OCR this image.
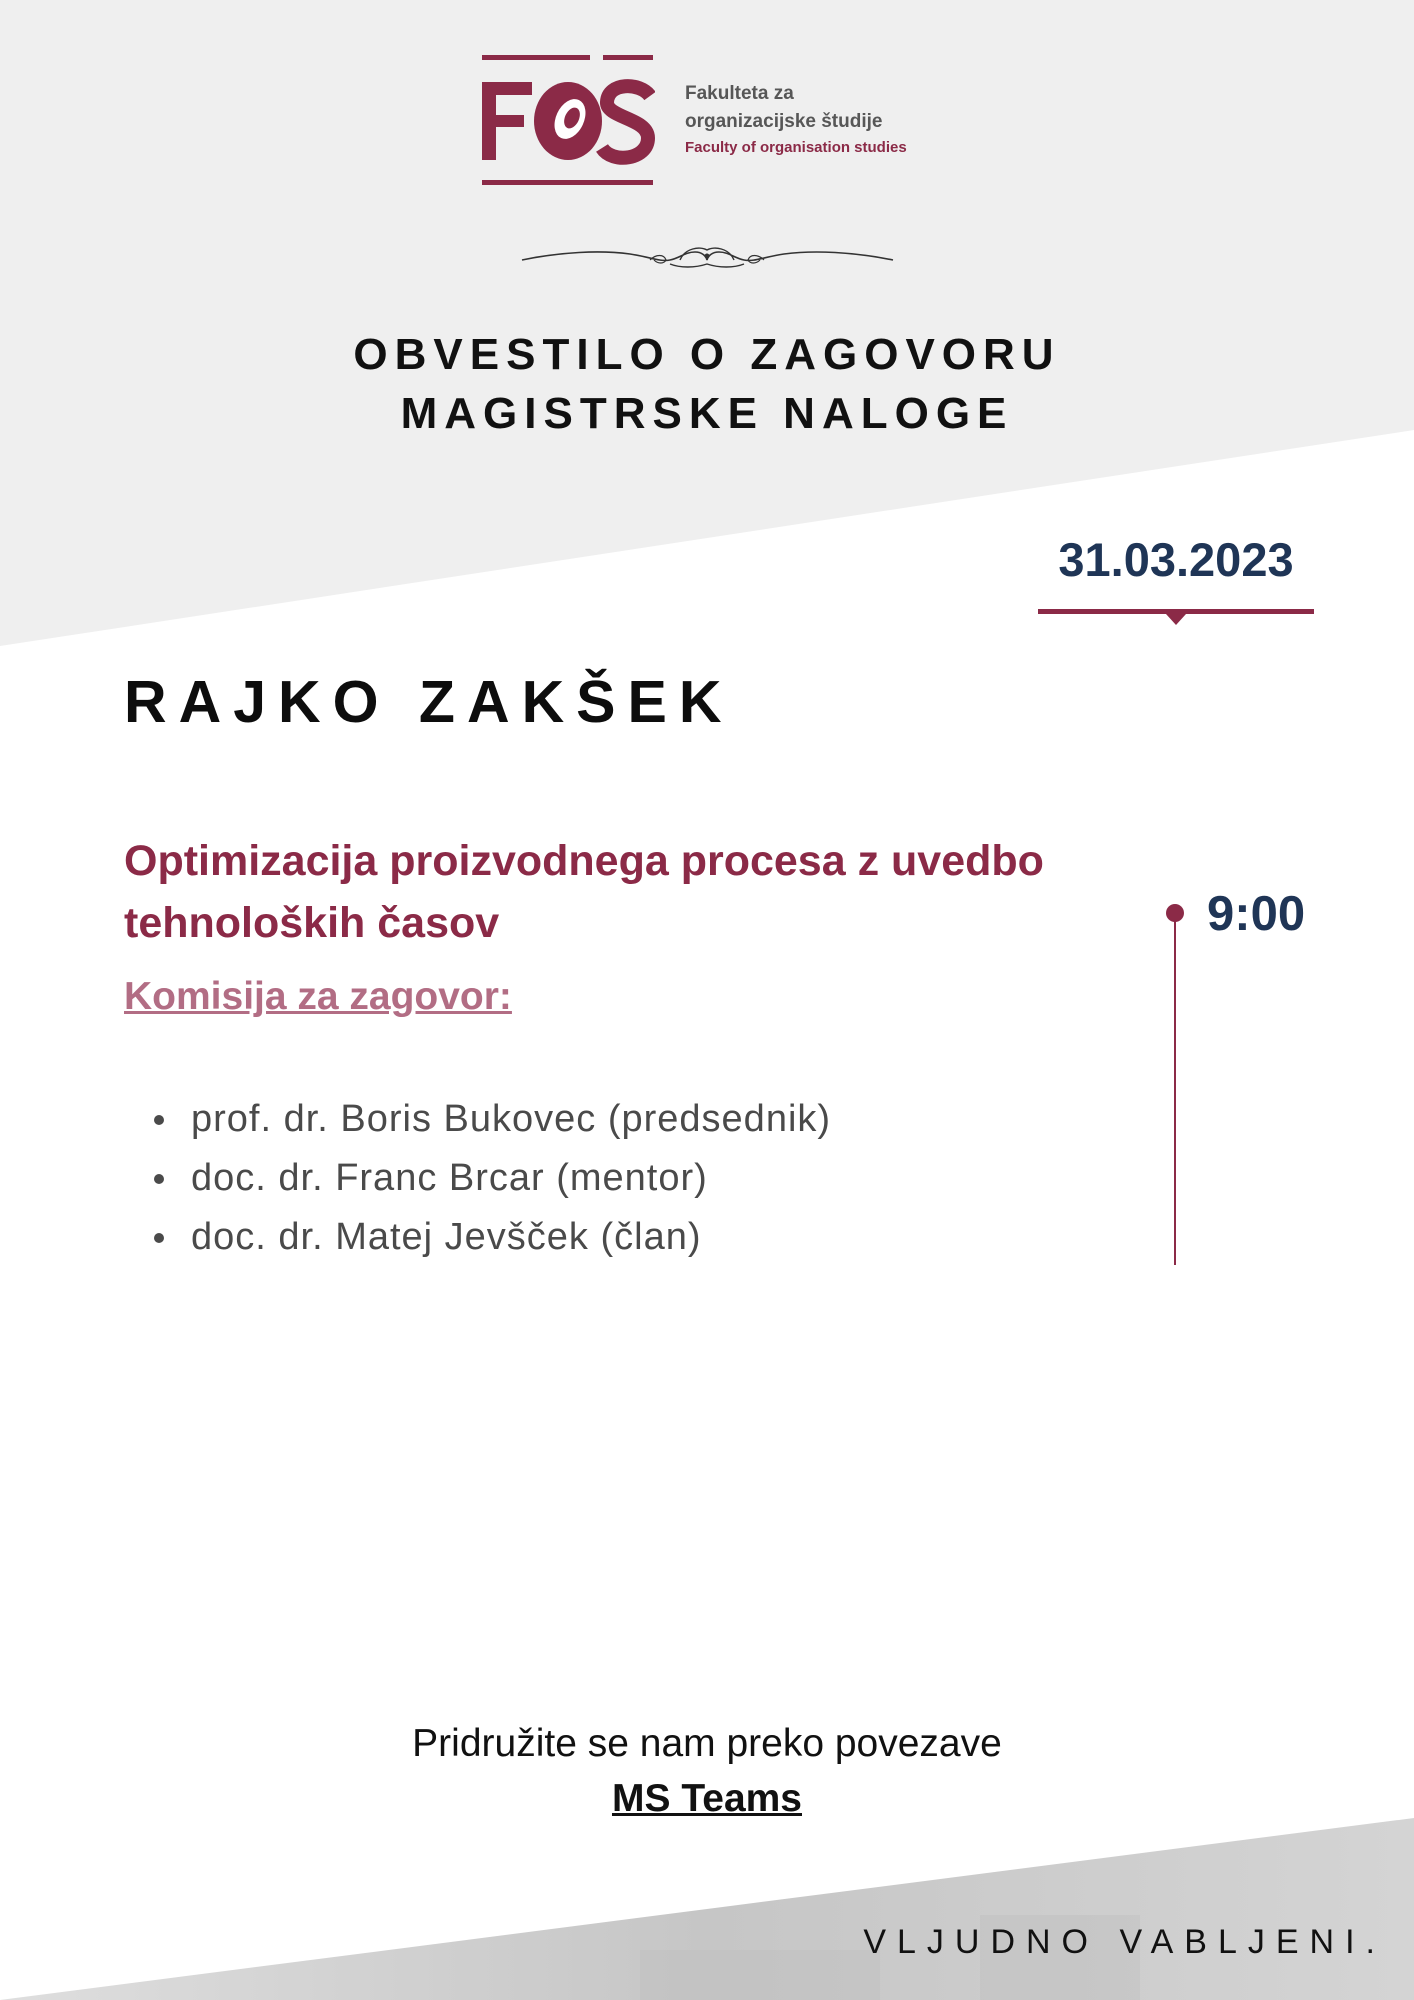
Fakulteta za
organizacijske študije
Faculty of organisation studies
OBVESTILO O ZAGOVORU
MAGISTRSKE NALOGE
31.03.2023
RAJKO ZAKŠEK
Optimizacija proizvodnega procesa z uvedbo tehnoloških časov
Komisija za zagovor:
prof. dr. Boris Bukovec (predsednik)
doc. dr. Franc Brcar (mentor)
doc. dr. Matej Jevšček (član)
9:00
Pridružite se nam preko povezave
MS Teams
VLJUDNO VABLJENI.
